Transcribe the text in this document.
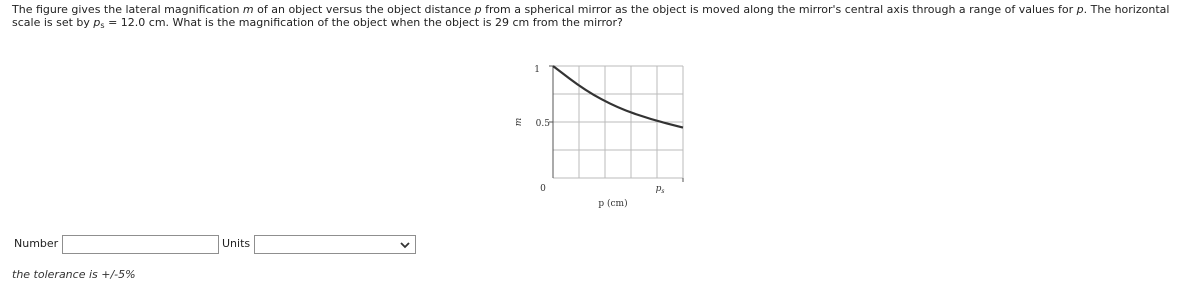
The figure gives the lateral magnification m of an object versus the object distance p from a spherical mirror as the object is moved along the mirror's central axis through a range of values for p. The horizontal scale is set by $p_s = 12.0$ cm. What is the magnification of the object when the object is 29 cm from the mirror?
1
0.5
m
0
p (cm)
$p_s$
Number	Units
the tolerance is +/-5%
